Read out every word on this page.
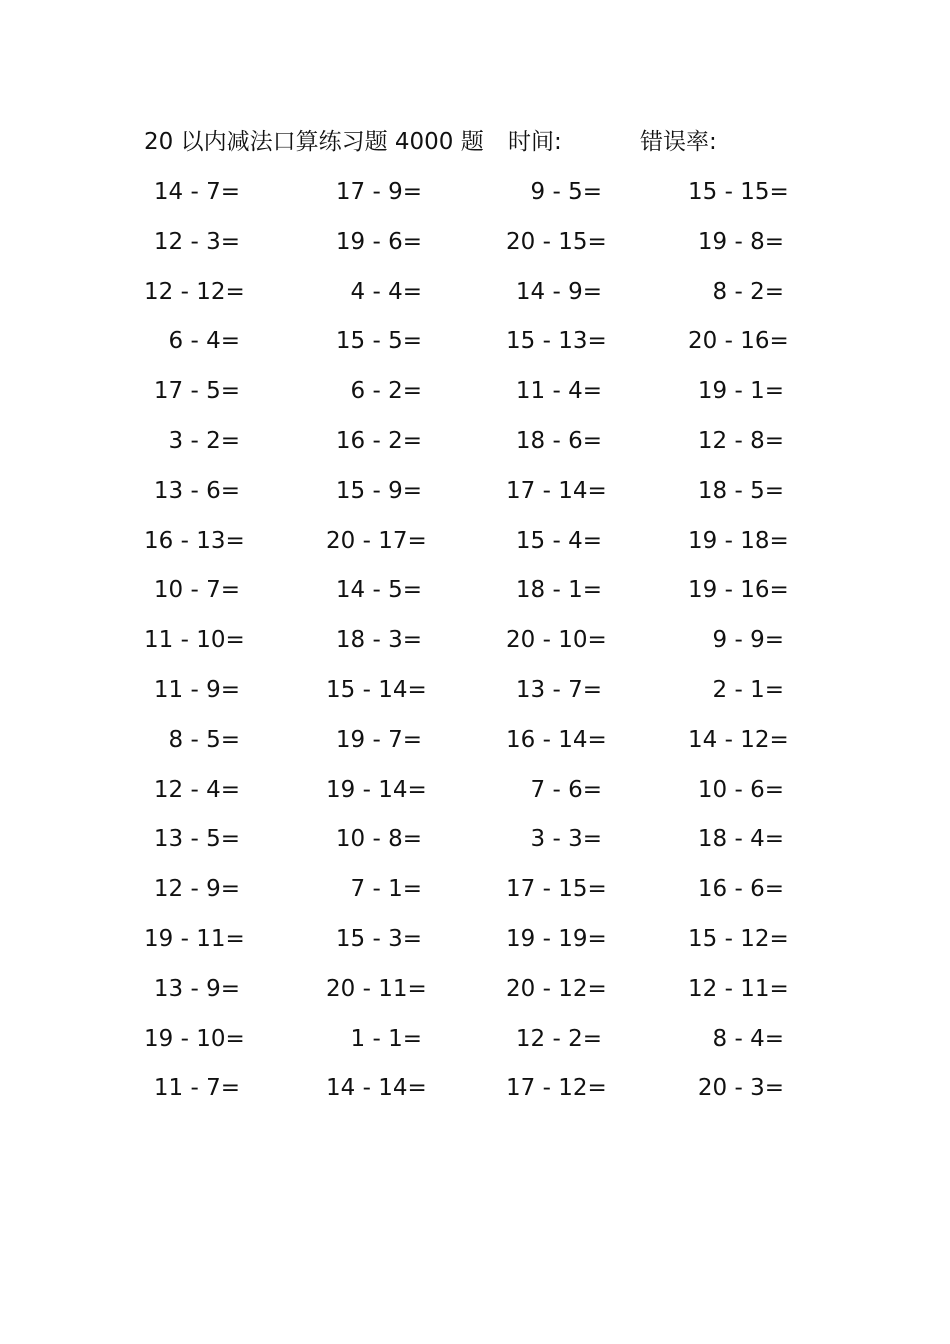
20 以内减法口算练习题 4000 题 时间:	错误率:
14 - 7=	17 - 9=	9 - 5=	15 - 15=
12 - 3=	19 - 6=	20 - 15=	19 - 8=
12 - 12=	4 - 4=	14 - 9=	8 - 2=
6 - 4=	15 - 5=	15 - 13=	20 - 16=
17 - 5=	6 - 2=	11 - 4=	19 - 1=
3 - 2=	16 - 2=	18 - 6=	12 - 8=
13 - 6=	15 - 9=	17 - 14=	18 - 5=
16 - 13=	20 - 17=	15 - 4=	19 - 18=
10 - 7=	14 - 5=	18 - 1=	19 - 16=
11 - 10=	18 - 3=	20 - 10=	9 - 9=
11 - 9=	15 - 14=	13 - 7=	2 - 1=
8 - 5=	19 - 7=	16 - 14=	14 - 12=
12 - 4=	19 - 14=	7 - 6=	10 - 6=
13 - 5=	10 - 8=	3 - 3=	18 - 4=
12 - 9=	7 - 1=	17 - 15=	16 - 6=
19 - 11=	15 - 3=	19 - 19=	15 - 12=
13 - 9=	20 - 11=	20 - 12=	12 - 11=
19 - 10=	1 - 1=	12 - 2=	8 - 4=
11 - 7=	14 - 14=	17 - 12=	20 - 3=
